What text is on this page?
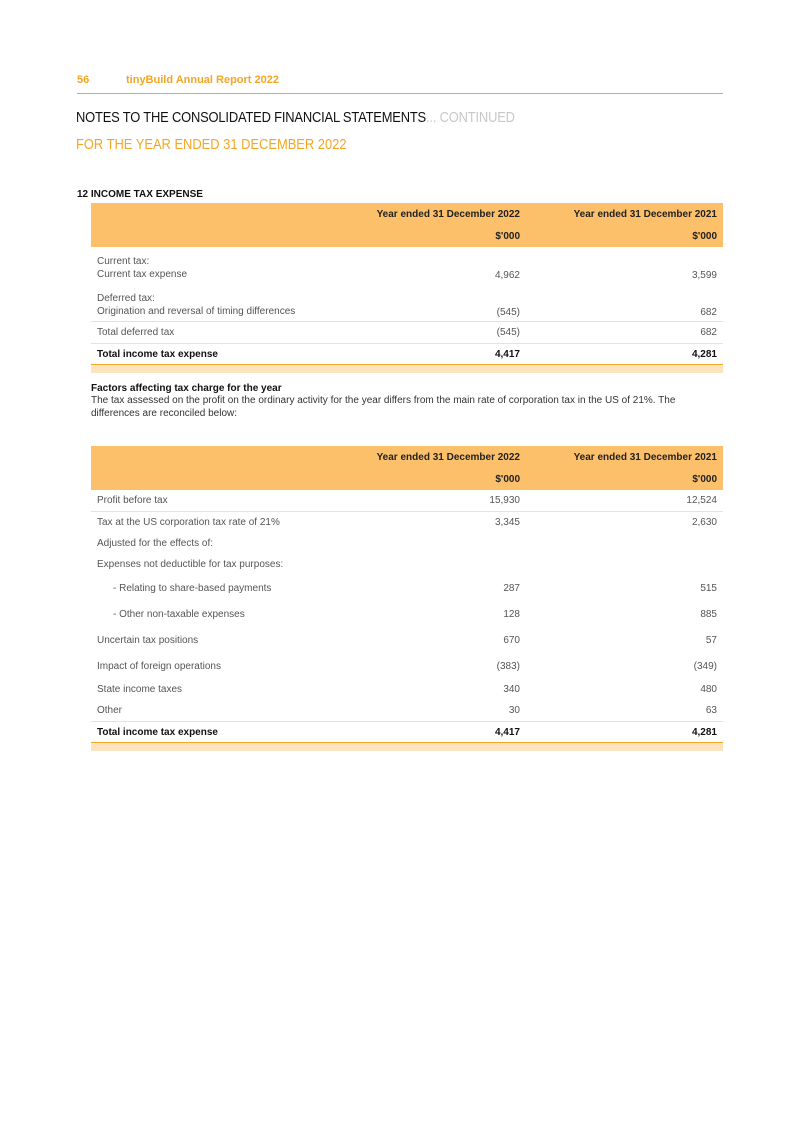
56	tinyBuild Annual Report 2022
NOTES TO THE CONSOLIDATED FINANCIAL STATEMENTS... CONTINUED
FOR THE YEAR ENDED 31 DECEMBER 2022
12 INCOME TAX EXPENSE
	Year ended 31 December 2022	Year ended 31 December 2021
	$'000	$'000

Current tax:
Current tax expense	4,962	3,599

Deferred tax:
Origination and reversal of timing differences	(545)	682
Total deferred tax	(545)	682
Total income tax expense	4,417	4,281

Factors affecting tax charge for the year
The tax assessed on the profit on the ordinary activity for the year differs from the main rate of corporation tax in the US of 21%. The differences are reconciled below:
	Year ended 31 December 2022	Year ended 31 December 2021
	$'000	$'000
Profit before tax	15,930	12,524
Tax at the US corporation tax rate of 21%	3,345	2,630
Adjusted for the effects of:		
Expenses not deductible for tax purposes:		
- Relating to share-based payments	287	515
- Other non-taxable expenses	128	885
Uncertain tax positions	670	57
Impact of foreign operations	(383)	(349)
State income taxes	340	480
Other	30	63
Total income tax expense	4,417	4,281
